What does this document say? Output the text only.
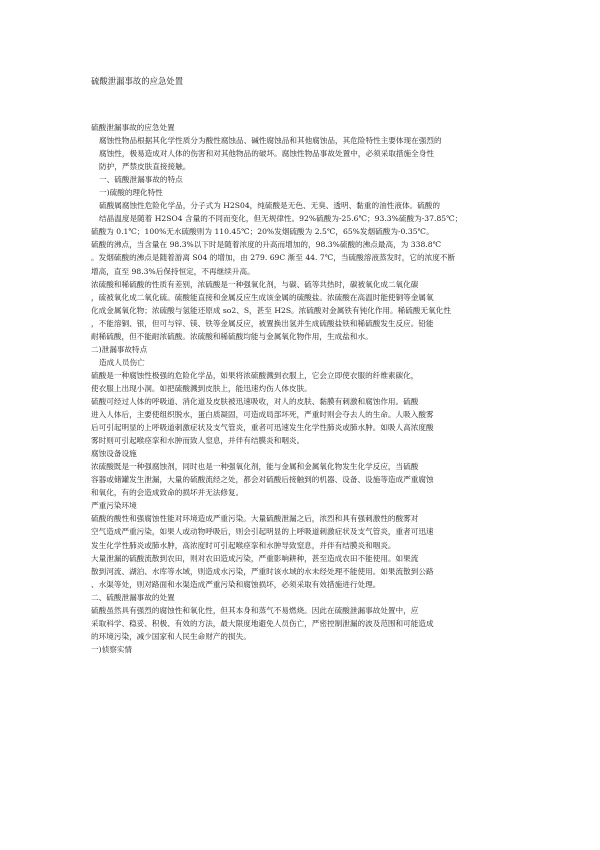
硫酸泄漏事故的应急处置
硫酸泄漏事故的应急处置
腐蚀性物品根据其化学性质分为酸性腐蚀品、碱性腐蚀品和其他腐蚀品，其危险特性主要体现在强烈的
腐蚀性，极易造成对人体的伤害和对其他物品的破坏。腐蚀性物品事故处置中，必须采取措施全身性
防护，严禁皮肤直接接触。
一、硫酸泄漏事故的特点
一)硫酸的理化特性
硫酸属腐蚀性危险化学品，分子式为 H2S04，纯硫酸是无色、无臭、透明、黏重的油性液体。硫酸的
结晶温度是随着 H2SO4 含量的不同而变化，但无规律性。92%硫酸为-25.6℃；93.3%硫酸为-37.85℃；
硫酸为 0.1℃；100%无水硫酸则为 110.45℃；20%发烟硫酸为 2.5℃，65%发烟硫酸为-0.35℃。
硫酸的沸点，当含量在 98.3%以下时是随着浓度的升高而增加的，98.3%硫酸的沸点最高，为 338.8℃
。发烟硫酸的沸点是随着游离 S04 的增加，由 279. 69C 渐至 44. 7℃，当硫酸溶液蒸发时，它的浓度不断
增高，直至 98.3%后保持恒定，不再继续升高。
浓硫酸和稀硫酸的性质有差别，浓硫酸是一种强氧化剂，与碳、硫等共热时，碳被氧化成二氧化碳
，硫被氧化成二氧化硫。硫酸能直接和金属反应生成该金属的硫酸盐。浓硫酸在高温时能使铜等金属氧
化成金属氧化物；浓硫酸与氢能还原成 so2、S，甚至 H2S。浓硫酸对金属铁有钝化作用。稀硫酸无氧化性
，不能溶铜、银，但可与锌、镁、铁等金属反应，被置换出氢并生成硫酸盐铁和稀硫酸发生反应。铅能
耐稀硫酸，但不能耐浓硫酸。浓硫酸和稀硫酸均能与金属氧化物作用，生成盐和水。
二)泄漏事故特点
造成人员伤亡
硫酸是一种腐蚀性极强的危险化学品，如果将浓硫酸溅到衣服上，它会立即使衣服的纤维素碳化，
使衣服上出现小洞。如把硫酸溅到皮肤上，能迅速灼伤人体皮肤。
硫酸可经过人体的呼吸道、消化道及皮肤被迅速吸收，对人的皮肤、黏膜有刺激和腐蚀作用。硫酸
进入人体后，主要使组织脱水，蛋白质凝固，可造成局部坏死，严重时则会夺去人的生命。人吸入酸雾
后可引起明显的上呼吸道刺激症状及支气管炎，重者可迅速发生化学性肺炎或肺水肿。如吸人高浓度酸
雾时则可引起喉痉挛和水肿而致人窒息，并伴有结膜炎和咽炎。
腐蚀设备设施
浓硫酸既是一种强腐蚀剂，同时也是一种强氧化剂，能与金属和金属氧化物发生化学反应，当硫酸
容器或储罐发生泄漏，大量的硫酸流经之处，都会对硫酸后接触到的机器、设备、设施等造成严重腐蚀
和氧化，有的会造成致命的损坏并无法修复。
严重污染环境
硫酸的酸性和强腐蚀性能对环境造成严重污染。大量硫酸泄漏之后，浓烈和具有强刺激性的酸雾对
空气造成严重污染，如果人或动物呼吸后，则会引起明显的上呼吸道刺激症状及支气管炎，重者可迅速
发生化学性肺炎或肺水肿，高浓度时可引起喉痉挛和水肿导致窒息，并伴有结膜炎和咽炎。
大量泄漏的硫酸流散到农田，则对农田造成污染，严重影响耕种，甚至造成农田不能使用。如果流
散到河流、湖泊、水库等水域，则造成水污染，严重时该水域的水未经处理不能使用。如果流散到公路
、水渠等处，则对路面和水渠造成严重污染和腐蚀损坏，必须采取有效措施进行处理。
二、硫酸泄漏事故的处置
硫酸虽然具有强烈的腐蚀性和氧化性，但其本身和蒸气不易燃烧。因此在硫酸泄漏事故处置中，应
采取科学、稳妥、积极、有效的方法，最大限度地避免人员伤亡，严密控制泄漏的波及范围和可能造成
的环境污染，减少国家和人民生命财产的损失。
一)侦察实情
